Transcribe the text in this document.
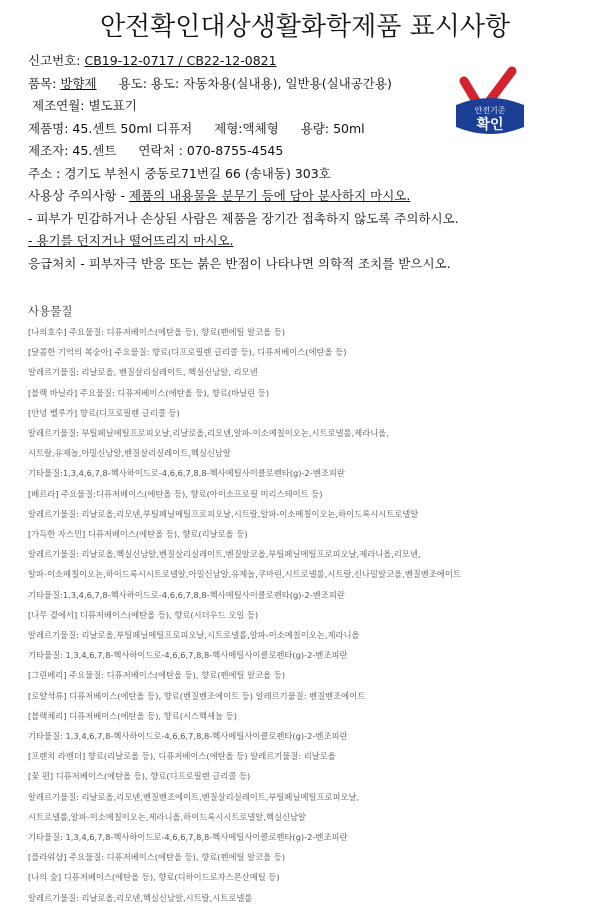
안전확인대상생활화학제품 표시사항
신고번호: CB19-12-0717 / CB22-12-0821
품목: 방향제 용도: 용도: 자동차용(실내용), 일반용(실내공간용)
제조연월: 별도표기
제품명: 45.센트 50ml 디퓨저 제형:액체형 용량: 50ml
제조자: 45.센트 연락처 : 070-8755-4545
주소 : 경기도 부천시 중동로71번길 66 (송내동) 303호
사용상 주의사항 - 제품의 내용물을 분무기 등에 담아 분사하지 마시오.
- 피부가 민감하거나 손상된 사람은 제품을 장기간 접촉하지 않도록 주의하시오.
- 용기를 던지거나 떨어뜨리지 마시오.
응급처치 - 피부자극 반응 또는 붉은 반점이 나타나면 의학적 조치를 받으시오.
안전기준
확인
사용물질
[나의호수] 주요물질: 디퓨저베이스(에탄올 등), 향료(펜에틸 알코올 등)
[달콤한 기억의 복숭아] 주요물질: 향료(디프로필렌 글리콜 등), 디퓨저베이스(에탄올 등)
알레르기물질: 리날로올, 벤질살리실레이트, 헥실신남알, 리모넨
[블랙 바닐라] 주요물질: 디퓨저베이스(에탄올 등), 향료(바닐린 등)
[안녕 벨루가] 향료(디프로필렌 글리콜 등)
알레르기물질: 부틸페닐메틸프로피오날,리날로올,리모넨,알파-이소메칠이오논,시트로넬롤,제라니올,
시트랄,유제놀,아밀신남알,벤질살리실레이트,헥실신남알
기타물질:1,3,4,6,7,8-헥사하이드로-4,6,6,7,8,8-헥사메틸사이클로펜타(g)-2-벤조피란
[베르라] 주요물질:디퓨저베이스(에탄올 등), 향료(아이소프로필 미리스테이트 등)
알레르기물질: 리날로올,리모넨,부틸페닐메틸프로피오날,시트랄,알파-이소메칠이오논,하이드록시시트로넬알
[가득한 자스민] 디퓨저베이스(에탄올 등), 향료(리날로올 등)
알레르기물질: 리날로올,헥실신남알,벤질살리실레이트,벤질알코올,부틸페닐메틸프로피오날,제라니올,리모넨,
알파-이소메칠이오논,하이드록시시트로넬알,아밀신남알,유제놀,쿠마린,시트로넬롤,시트랄,신나밀알코올,벤질벤조에이트
기타물질:1,3,4,6,7,8-헥사하이드로-4,6,6,7,8,8-헥사메틸사이클로펜타(g)-2-벤조피란
[나무 곁에서] 디퓨저베이스(에탄올 등), 향료(시더우드 오일 등)
알레르기물질: 리날로올,부틸페닐메틸프로피오날,시트로넬롤,알파-이소메칠이오논,제라니올
기타물질: 1,3,4,6,7,8-헥사하이드로-4,6,6,7,8,8-헥사메틸사이클로펜타(g)-2-벤조피란
[그린베리] 주요물질: 디퓨저베이스(에탄올 등), 향료(펜에틸 알코올 등)
[로얄석류] 디퓨저베이스(에탄올 등), 향료(벤질벤조에이트 등) 알레르기물질: 벤질벤조에이트
[블랙체리] 디퓨저베이스(에탄올 등), 향료(시스핵세놀 등)
기타물질: 1,3,4,6,7,8-헥사하이드로-4,6,6,7,8,8-헥사메틸사이클로펜타(g)-2-벤조피란
[프렌치 라벤더] 향료(리날로올 등), 디퓨저베이스(에탄올 등) 알레르기물질: 리날로올
[꽃 편] 디퓨저베이스(에탄올 등), 향료(디프로필렌 글리콜 등)
알레르기물질: 리날로올,리모넨,벤질벤조에이트,벤질살리실레이트,부틸페닐메틸프로피오날,
시트로넬롤,알파-이소메칠이오논,제라니올,하이드록시시트로넬알,헥실신남알
기타물질: 1,3,4,6,7,8-헥사하이드로-4,6,6,7,8,8-헥사메틸사이클로펜타(g)-2-벤조피란
[플라워샵] 주요물질: 디퓨저베이스(에탄올 등), 향료(펜에틸 알코올 등)
[나의 숲] 디퓨저베이스(에탄올 등), 향료(디하이드로자스몬산메틸 등)
알레르기물질: 리날로올,리모넨,헥실신남알,시트랄,시트로넬롤
